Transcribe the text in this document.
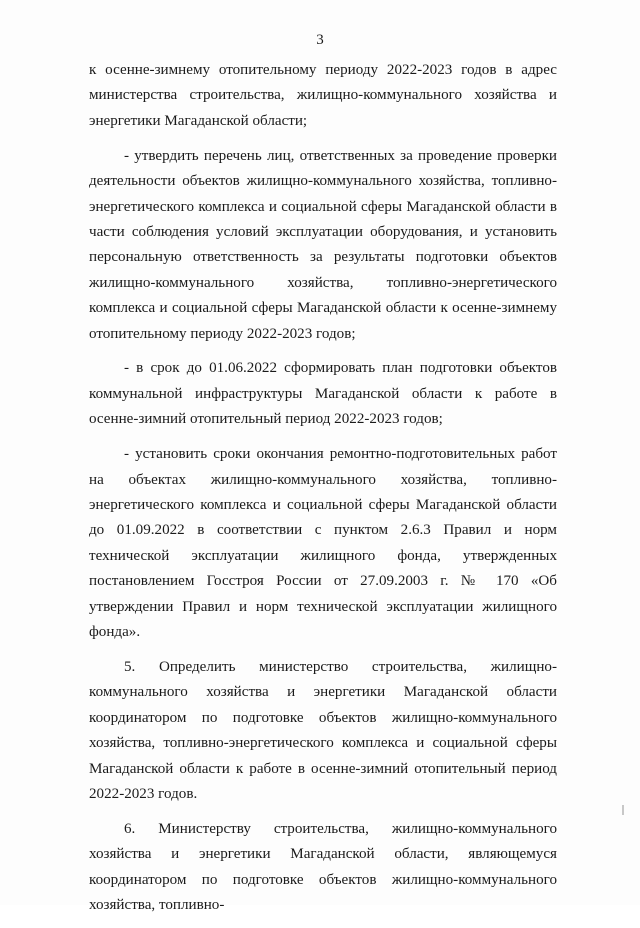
3

к осенне-зимнему отопительному периоду 2022-2023 годов в адрес министерства строительства, жилищно-коммунального хозяйства и энергетики Магаданской области;

- утвердить перечень лиц, ответственных за проведение проверки деятельности объектов жилищно-коммунального хозяйства, топливно-энергетического комплекса и социальной сферы Магаданской области в части соблюдения условий эксплуатации оборудования, и установить персональную ответственность за результаты подготовки объектов жилищно-коммунального хозяйства, топливно-энергетического комплекса и социальной сферы Магаданской области к осенне-зимнему отопительному периоду 2022-2023 годов;

- в срок до 01.06.2022 сформировать план подготовки объектов коммунальной инфраструктуры Магаданской области к работе в осенне-зимний отопительный период 2022-2023 годов;

- установить сроки окончания ремонтно-подготовительных работ на объектах жилищно-коммунального хозяйства, топливно-энергетического комплекса и социальной сферы Магаданской области до 01.09.2022 в соответствии с пунктом 2.6.3 Правил и норм технической эксплуатации жилищного фонда, утвержденных постановлением Госстроя России от 27.09.2003 г. № 170 «Об утверждении Правил и норм технической эксплуатации жилищного фонда».

5. Определить министерство строительства, жилищно-коммунального хозяйства и энергетики Магаданской области координатором по подготовке объектов жилищно-коммунального хозяйства, топливно-энергетического комплекса и социальной сферы Магаданской области к работе в осенне-зимний отопительный период 2022-2023 годов.

6. Министерству строительства, жилищно-коммунального хозяйства и энергетики Магаданской области, являющемуся координатором по подготовке объектов жилищно-коммунального хозяйства, топливно-
